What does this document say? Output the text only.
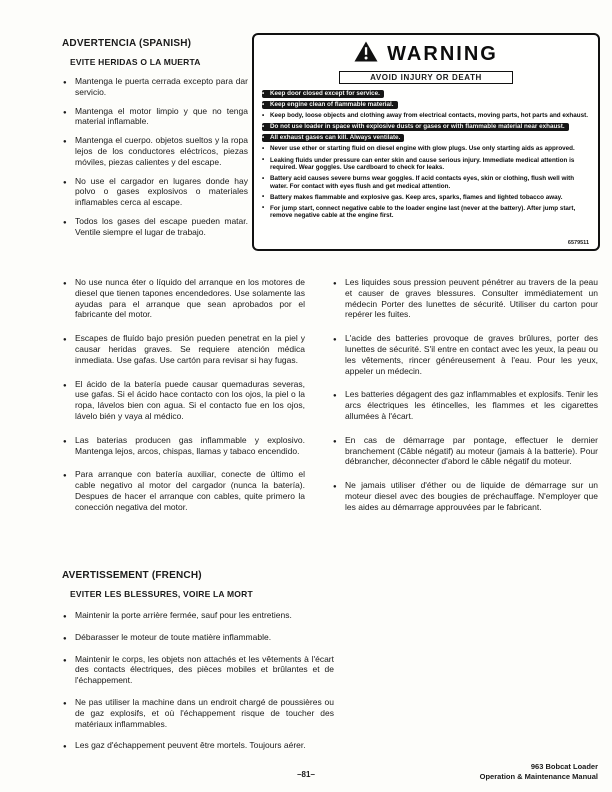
ADVERTENCIA (SPANISH)
EVITE HERIDAS O LA MUERTA
● Mantenga le puerta cerrada excepto para dar servicio.
● Mantenga el motor limpio y que no tenga material inflamable.
● Mantenga el cuerpo. objetos sueltos y la ropa lejos de los conductores eléctricos, piezas móviles, piezas calientes y del escape.
● No use el cargador en lugares donde hay polvo o gases explosivos o materiales inflamables cerca al escape.
● Todos los gases del escape pueden matar. Ventile siempre el lugar de trabajo.
WARNING
AVOID INJURY OR DEATH
• Keep door closed except for service.
• Keep engine clean of flammable material.
• Keep body, loose objects and clothing away from electrical contacts, moving parts, hot parts and exhaust.
• Do not use loader in space with explosive dusts or gases or with flammable material near exhaust.
• All exhaust gases can kill. Always ventilate.
• Never use ether or starting fluid on diesel engine with glow plugs. Use only starting aids as approved.
• Leaking fluids under pressure can enter skin and cause serious injury. Immediate medical attention is required. Wear goggles. Use cardboard to check for leaks.
• Battery acid causes severe burns wear goggles. If acid contacts eyes, skin or clothing, flush well with water. For contact with eyes flush and get medical attention.
• Battery makes flammable and explosive gas. Keep arcs, sparks, flames and lighted tobacco away.
• For jump start, connect negative cable to the loader engine last (never at the battery). After jump start, remove negative cable at the engine first.
6579511
● No use nunca éter o líquido del arranque en los motores de diesel que tienen tapones encendedores. Use solamente las ayudas para el arranque que sean aprobados por el fabricante del motor.
● Escapes de fluído bajo presión pueden penetrat en la piel y causar heridas graves. Se requiere atención médica inmediata. Use gafas. Use cartón para revisar si hay fugas.
● El ácido de la batería puede causar quemaduras severas, use gafas. Si el ácido hace contacto con los ojos, la piel o la ropa, lávelos bien con agua. Si el contacto fue en los ojos, lávelo bién y vaya al médico.
● Las baterias producen gas inflammable y explosivo. Mantenga lejos, arcos, chispas, llamas y tabaco encendido.
● Para arranque con batería auxiliar, conecte de último el cable negativo al motor del cargador (nunca la batería). Despues de hacer el arranque con cables, quite primero la conección negativa del motor.
● Les liquides sous pression peuvent pénétrer au travers de la peau et causer de graves blessures. Consulter immédiatement un médecin Porter des lunettes de sécurité. Utiliser du carton pour repérer les fuites.
● L'acide des batteries provoque de graves brûlures, porter des lunettes de sécurité. S'il entre en contact avec les yeux, la peau ou les vêtements, rincer généreusement à l'eau. Pour les yeux, appeler un médecin.
● Les batteries dégagent des gaz inflammables et explosifs. Tenir les arcs électriques les étincelles, les flammes et les cigarettes allumées à l'écart.
● En cas de démarrage par pontage, effectuer le dernier branchement (Câble négatif) au moteur (jamais à la batterie). Pour débrancher, déconnecter d'abord le câble négatif du moteur.
● Ne jamais utiliser d'éther ou de liquide de démarrage sur un moteur diesel avec des bougies de préchauffage. N'employer que les aides au démarrage approuvées par le fabricant.
AVERTISSEMENT (FRENCH)
EVITER LES BLESSURES, VOIRE LA MORT
● Maintenir la porte arrière fermée, sauf pour les entretiens.
● Débarasser le moteur de toute matière inflammable.
● Maintenir le corps, les objets non attachés et les vêtements à l'écart des contacts électriques, des pièces mobiles et brûlantes et de l'échappement.
● Ne pas utiliser la machine dans un endroit chargé de poussières ou de gaz explosifs, et où l'échappement risque de toucher des matériaux inflammables.
● Les gaz d'échappement peuvent être mortels. Toujours aérer.
–81–
963 Bobcat Loader
Operation & Maintenance Manual
